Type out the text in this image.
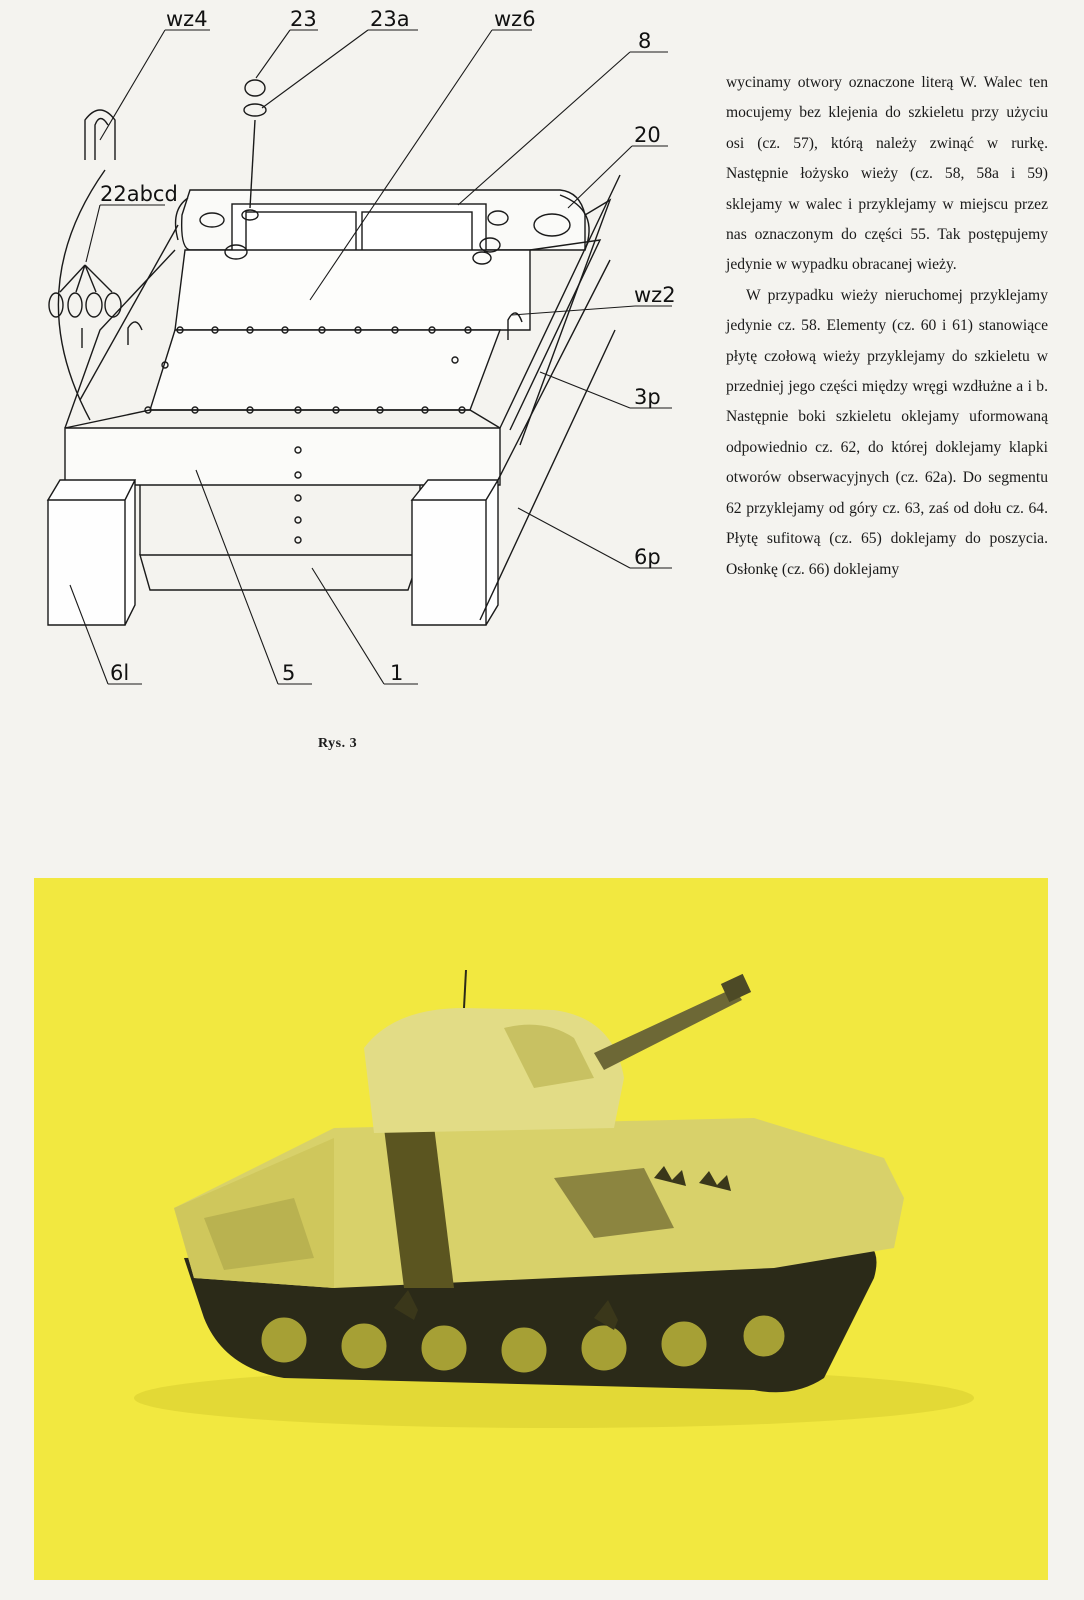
wz4	23	23a	wz6
8
20
22abcd
wz2
3p
6p
6l	5	1
Rys. 3

wycinamy otwory oznaczone literą W. Walec ten mocujemy bez klejenia do szkieletu przy użyciu osi (cz. 57), którą należy zwinąć w rurkę. Następnie łożysko wieży (cz. 58, 58a i 59) sklejamy w walec i przyklejamy w miejscu przez nas oznaczonym do części 55. Tak postępujemy jedynie w wypadku obracanej wieży.

W przypadku wieży nieruchomej przyklejamy jedynie cz. 58. Elementy (cz. 60 i 61) stanowiące płytę czołową wieży przyklejamy do szkieletu w przedniej jego części między wręgi wzdłużne a i b. Następnie boki szkieletu oklejamy uformowaną odpowiednio cz. 62, do której doklejamy klapki otworów obserwacyjnych (cz. 62a). Do segmentu 62 przyklejamy od góry cz. 63, zaś od dołu cz. 64. Płytę sufitową (cz. 65) doklejamy do poszycia. Osłonkę (cz. 66) doklejamy
